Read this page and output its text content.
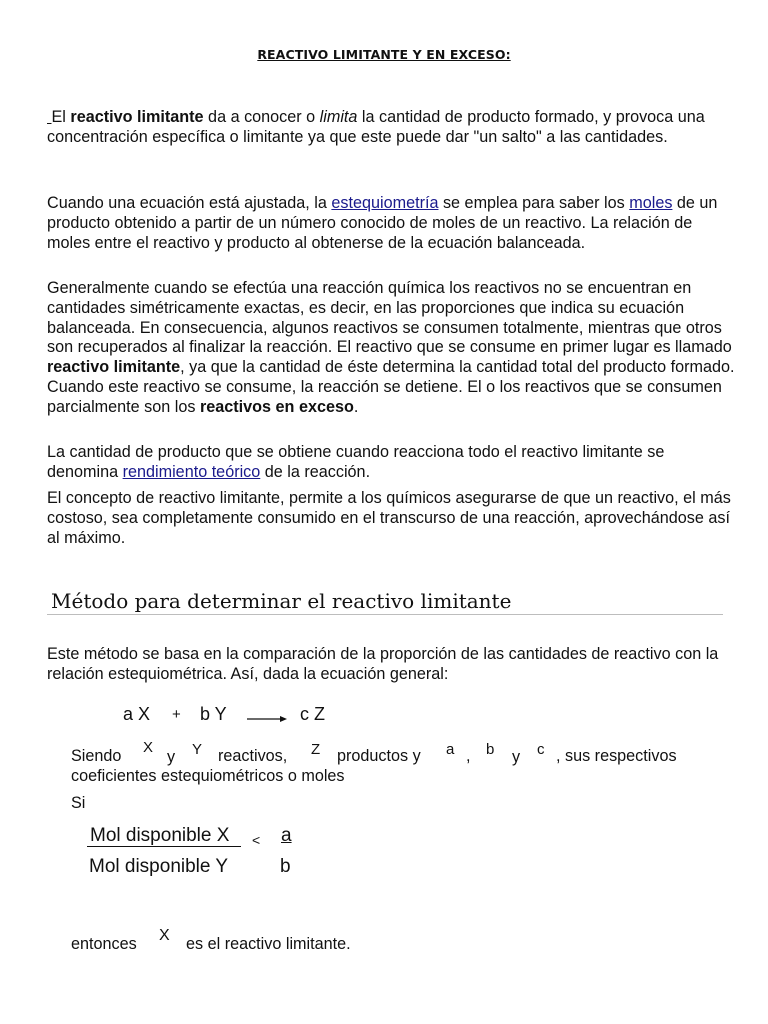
REACTIVO LIMITANTE Y EN EXCESO:

El reactivo limitante da a conocer o limita la cantidad de producto formado, y provoca una concentración específica o limitante ya que este puede dar "un salto" a las cantidades.

Cuando una ecuación está ajustada, la estequiometría se emplea para saber los moles de un producto obtenido a partir de un número conocido de moles de un reactivo. La relación de moles entre el reactivo y producto al obtenerse de la ecuación balanceada.

Generalmente cuando se efectúa una reacción química los reactivos no se encuentran en cantidades simétricamente exactas, es decir, en las proporciones que indica su ecuación balanceada. En consecuencia, algunos reactivos se consumen totalmente, mientras que otros son recuperados al finalizar la reacción. El reactivo que se consume en primer lugar es llamado reactivo limitante, ya que la cantidad de éste determina la cantidad total del producto formado. Cuando este reactivo se consume, la reacción se detiene. El o los reactivos que se consumen parcialmente son los reactivos en exceso.

La cantidad de producto que se obtiene cuando reacciona todo el reactivo limitante se denomina rendimiento teórico de la reacción.

El concepto de reactivo limitante, permite a los químicos asegurarse de que un reactivo, el más costoso, sea completamente consumido en el transcurso de una reacción, aprovechándose así al máximo.

Método para determinar el reactivo limitante

Este método se basa en la comparación de la proporción de las cantidades de reactivo con la relación estequiométrica. Así, dada la ecuación general:

a X + b Y → c Z
Siendo X
y Y reactivos, Z productos y a , b y c , sus respectivos
coeficientes estequiométricos o moles
Si
Mol disponible X < a
Mol disponible Y	b
entonces X es el reactivo limitante.
